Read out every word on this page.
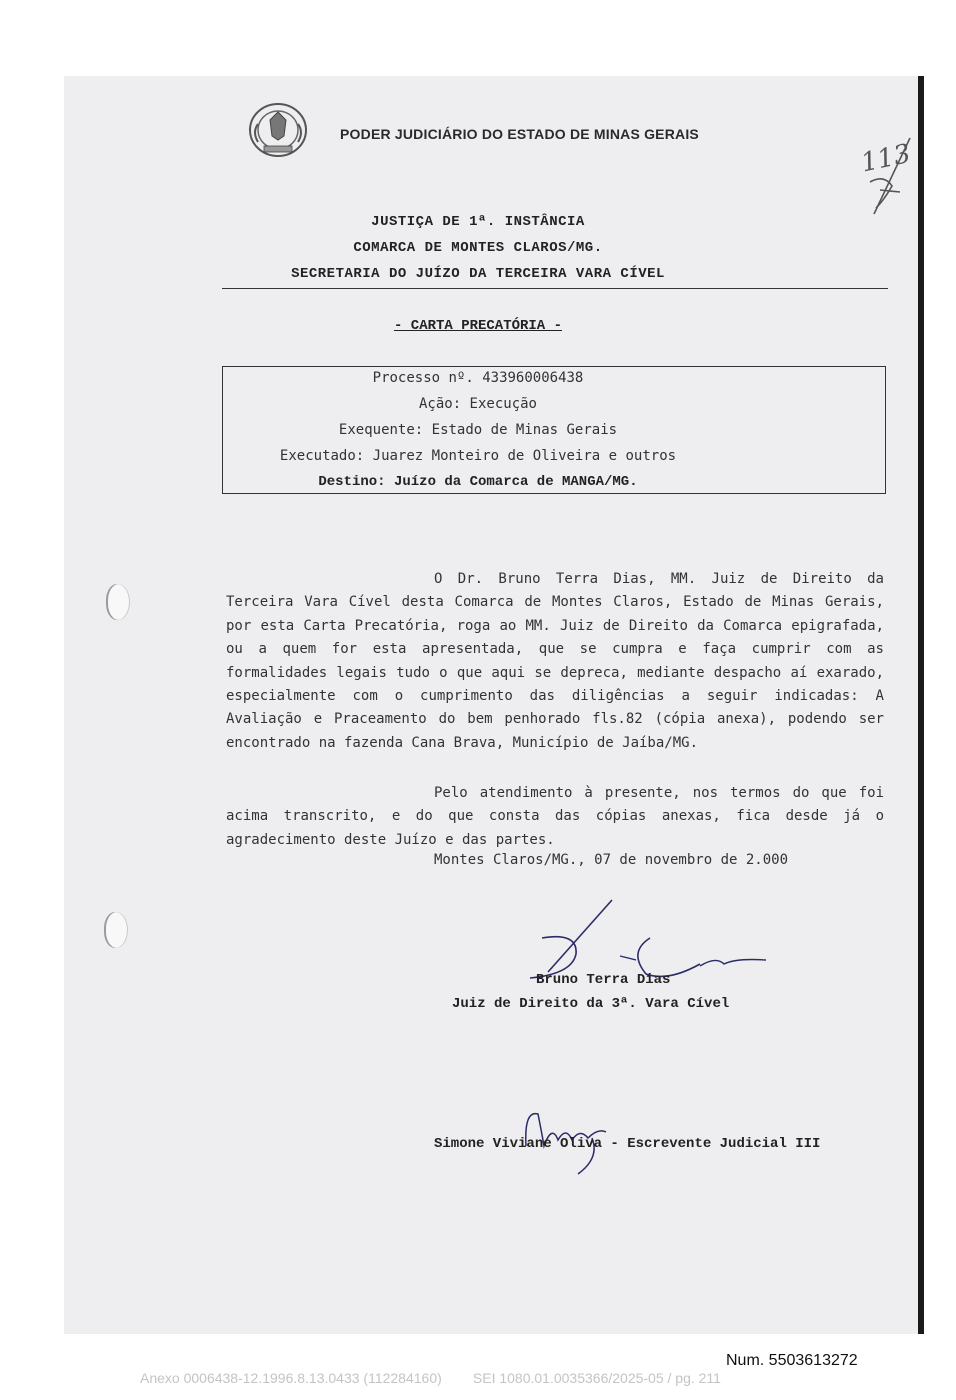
PODER JUDICIÁRIO DO ESTADO DE MINAS GERAIS
113
JUSTIÇA DE 1ª. INSTÂNCIA
COMARCA DE MONTES CLAROS/MG.
SECRETARIA DO JUÍZO DA TERCEIRA VARA CÍVEL
- CARTA PRECATÓRIA -
Processo nº. 433960006438
Ação: Execução
Exequente: Estado de Minas Gerais
Executado: Juarez Monteiro de Oliveira e outros
Destino: Juízo da Comarca de MANGA/MG.

O Dr. Bruno Terra Dias, MM. Juiz de Direito da Terceira Vara Cível desta Comarca de Montes Claros, Estado de Minas Gerais, por esta Carta Precatória, roga ao MM. Juiz de Direito da Comarca epigrafada, ou a quem for esta apresentada, que se cumpra e faça cumprir com as formalidades legais tudo o que aqui se depreca, mediante despacho aí exarado, especialmente com o cumprimento das diligências a seguir indicadas: A Avaliação e Praceamento do bem penhorado fls.82 (cópia anexa), podendo ser encontrado na fazenda Cana Brava, Município de Jaíba/MG.

Pelo atendimento à presente, nos termos do que foi acima transcrito, e do que consta das cópias anexas, fica desde já o agradecimento deste Juízo e das partes.

Montes Claros/MG., 07 de novembro de 2.000
Bruno Terra Dias
Juiz de Direito da 3ª. Vara Cível
Simone Viviane Oliva - Escrevente Judicial III
Num. 5503613272
Anexo 0006438-12.1996.8.13.0433 (112284160)        SEI 1080.01.0035366/2025-05 / pg. 211
